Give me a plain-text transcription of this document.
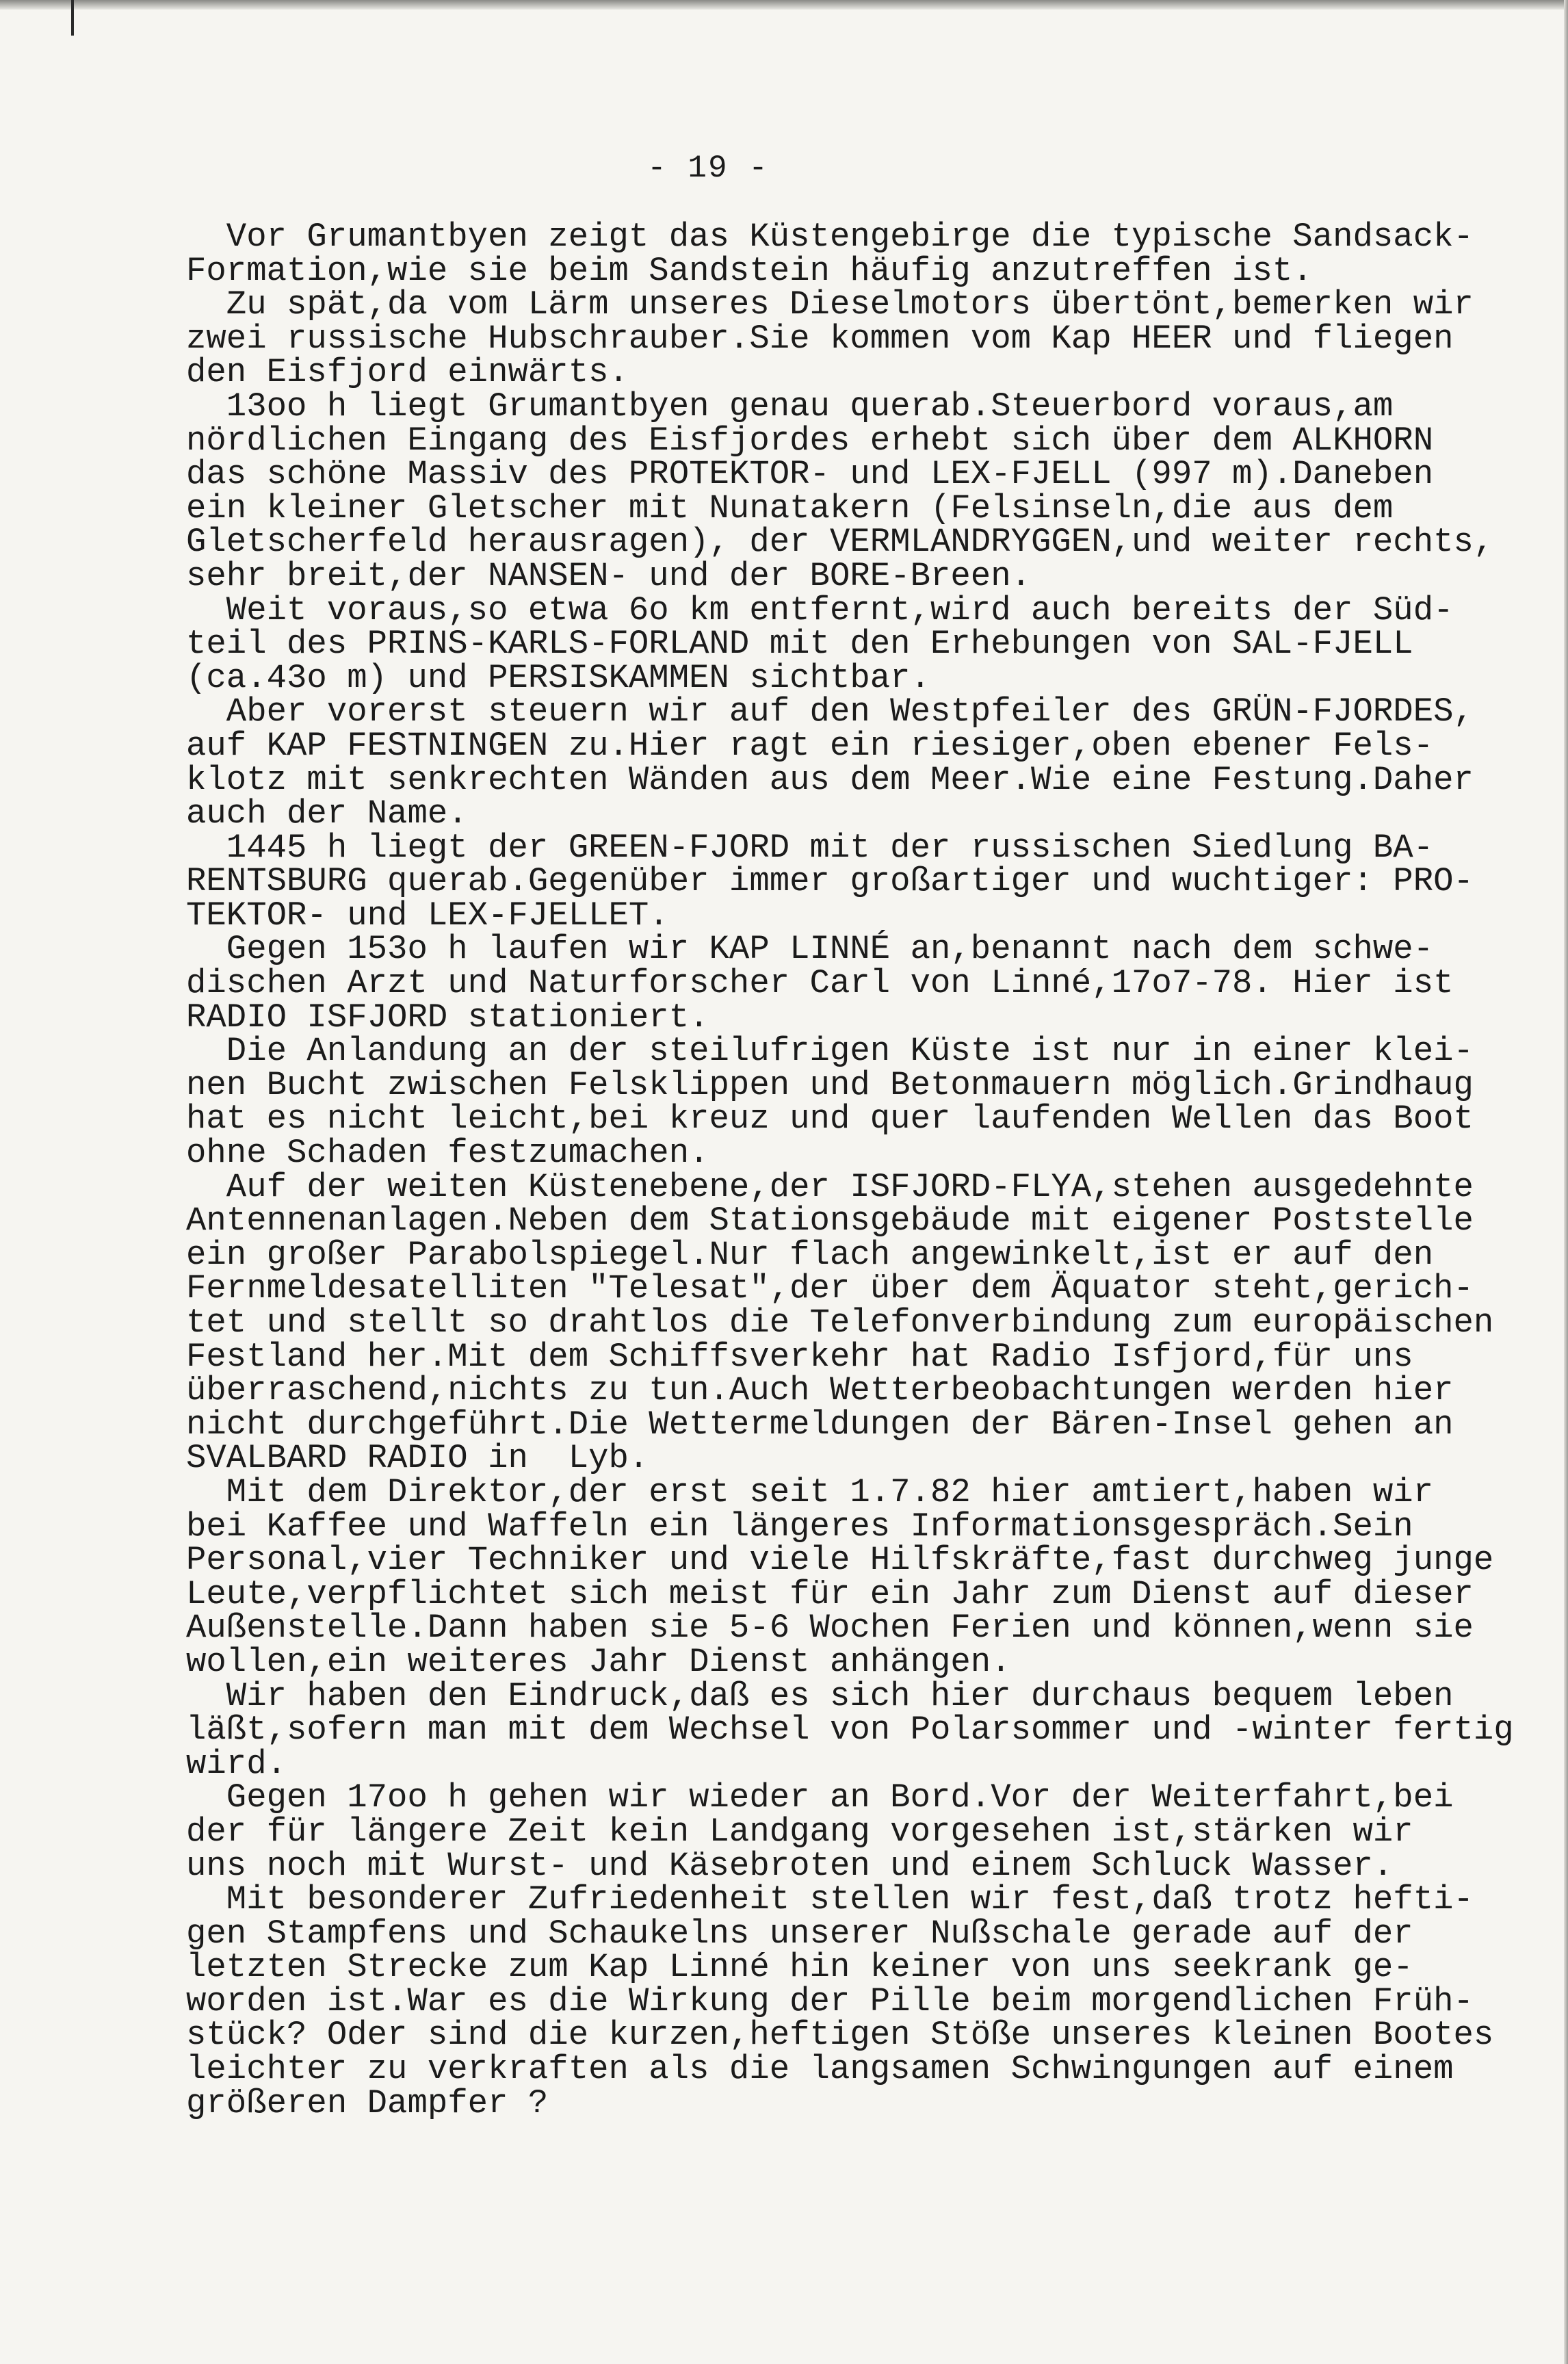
- 19 -
Vor Grumantbyen zeigt das Küstengebirge die typische Sandsack-
Formation,wie sie beim Sandstein häufig anzutreffen ist.
Zu spät,da vom Lärm unseres Dieselmotors übertönt,bemerken wir
zwei russische Hubschrauber.Sie kommen vom Kap HEER und fliegen
den Eisfjord einwärts.
13oo h liegt Grumantbyen genau querab.Steuerbord voraus,am
nördlichen Eingang des Eisfjordes erhebt sich über dem ALKHORN
das schöne Massiv des PROTEKTOR- und LEX-FJELL (997 m).Daneben
ein kleiner Gletscher mit Nunatakern (Felsinseln,die aus dem
Gletscherfeld herausragen), der VERMLANDRYGGEN,und weiter rechts,
sehr breit,der NANSEN- und der BORE-Breen.
Weit voraus,so etwa 6o km entfernt,wird auch bereits der Süd-
teil des PRINS-KARLS-FORLAND mit den Erhebungen von SAL-FJELL
(ca.43o m) und PERSISKAMMEN sichtbar.
Aber vorerst steuern wir auf den Westpfeiler des GRÜN-FJORDES,
auf KAP FESTNINGEN zu.Hier ragt ein riesiger,oben ebener Fels-
klotz mit senkrechten Wänden aus dem Meer.Wie eine Festung.Daher
auch der Name.
1445 h liegt der GREEN-FJORD mit der russischen Siedlung BA-
RENTSBURG querab.Gegenüber immer großartiger und wuchtiger: PRO-
TEKTOR- und LEX-FJELLET.
Gegen 153o h laufen wir KAP LINNÉ an,benannt nach dem schwe-
dischen Arzt und Naturforscher Carl von Linné,17o7-78. Hier ist
RADIO ISFJORD stationiert.
Die Anlandung an der steilufrigen Küste ist nur in einer klei-
nen Bucht zwischen Felsklippen und Betonmauern möglich.Grindhaug
hat es nicht leicht,bei kreuz und quer laufenden Wellen das Boot
ohne Schaden festzumachen.
Auf der weiten Küstenebene,der ISFJORD-FLYA,stehen ausgedehnte
Antennenanlagen.Neben dem Stationsgebäude mit eigener Poststelle
ein großer Parabolspiegel.Nur flach angewinkelt,ist er auf den
Fernmeldesatelliten "Telesat",der über dem Äquator steht,gerich-
tet und stellt so drahtlos die Telefonverbindung zum europäischen
Festland her.Mit dem Schiffsverkehr hat Radio Isfjord,für uns
überraschend,nichts zu tun.Auch Wetterbeobachtungen werden hier
nicht durchgeführt.Die Wettermeldungen der Bären-Insel gehen an
SVALBARD RADIO in  Lyb.
Mit dem Direktor,der erst seit 1.7.82 hier amtiert,haben wir
bei Kaffee und Waffeln ein längeres Informationsgespräch.Sein
Personal,vier Techniker und viele Hilfskräfte,fast durchweg junge
Leute,verpflichtet sich meist für ein Jahr zum Dienst auf dieser
Außenstelle.Dann haben sie 5-6 Wochen Ferien und können,wenn sie
wollen,ein weiteres Jahr Dienst anhängen.
Wir haben den Eindruck,daß es sich hier durchaus bequem leben
läßt,sofern man mit dem Wechsel von Polarsommer und -winter fertig
wird.
Gegen 17oo h gehen wir wieder an Bord.Vor der Weiterfahrt,bei
der für längere Zeit kein Landgang vorgesehen ist,stärken wir
uns noch mit Wurst- und Käsebroten und einem Schluck Wasser.
Mit besonderer Zufriedenheit stellen wir fest,daß trotz hefti-
gen Stampfens und Schaukelns unserer Nußschale gerade auf der
letzten Strecke zum Kap Linné hin keiner von uns seekrank ge-
worden ist.War es die Wirkung der Pille beim morgendlichen Früh-
stück? Oder sind die kurzen,heftigen Stöße unseres kleinen Bootes
leichter zu verkraften als die langsamen Schwingungen auf einem
größeren Dampfer ?
